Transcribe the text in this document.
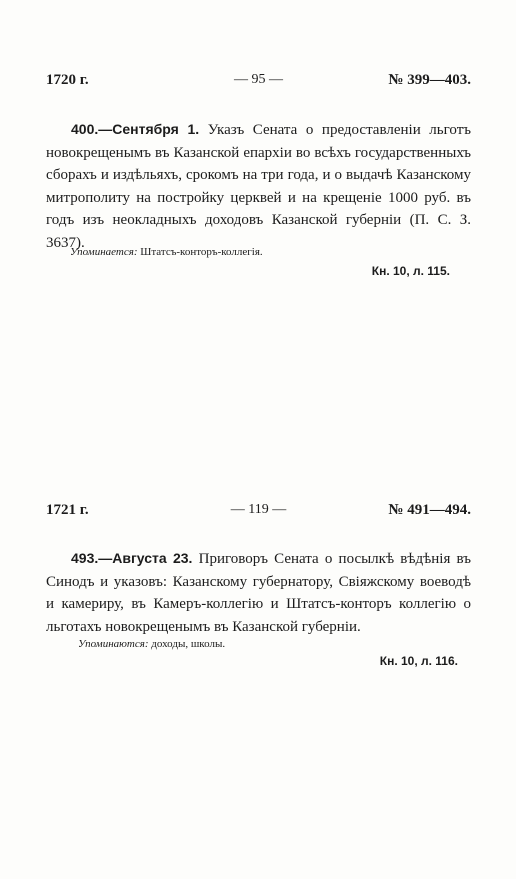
1720 г.	— 95 —	№ 399—403.
400.—Сентября 1. Указъ Сената о предоставленіи льготъ новокрещенымъ въ Казанской епархіи во всѣхъ государственныхъ сборахъ и издѣльяхъ, срокомъ на три года, и о выдачѣ Казанскому митрополиту на постройку церквей и на крещеніе 1000 руб. въ годъ изъ неокладныхъ доходовъ Казанской губерніи (П. С. З. 3637).
Упоминается: Штатсъ-конторъ-коллегія.
Кн. 10, л. 115.
1721 г.	— 119 —	№ 491—494.
493.—Августа 23. Приговоръ Сената о посылкѣ вѣдѣнія въ Синодъ и указовъ: Казанскому губернатору, Свіяжскому воеводѣ и камериру, въ Камеръ-коллегію и Штатсъ-конторъ коллегію о льготахъ новокрещенымъ въ Казанской губерніи.
Упоминаются: доходы, школы.
Кн. 10, л. 116.
